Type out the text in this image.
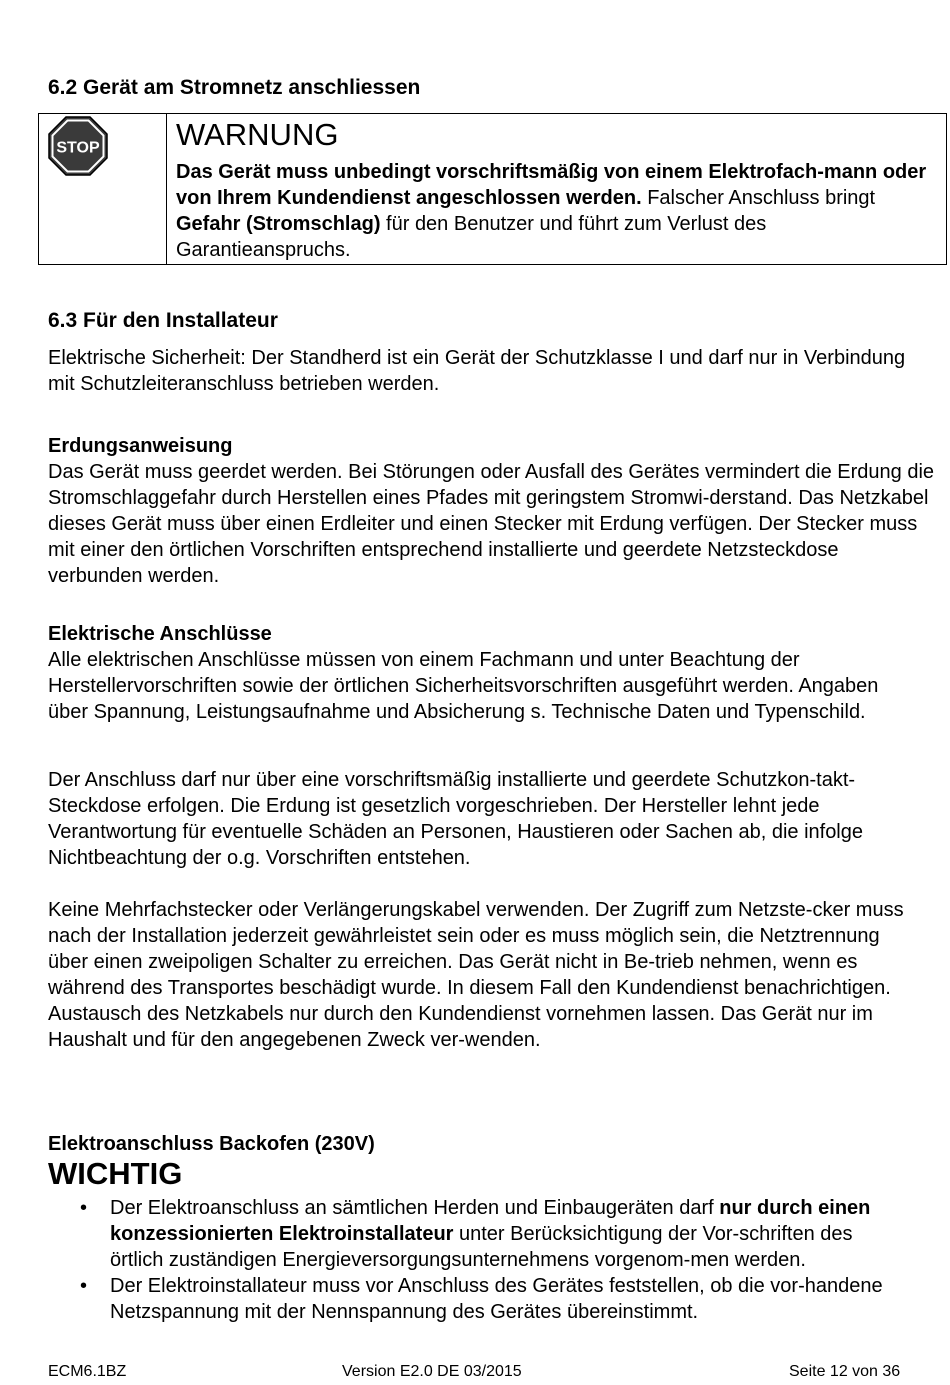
6.2 Gerät am Stromnetz anschliessen
STOP WARNUNG

Das Gerät muss unbedingt vorschriftsmäßig von einem Elektrofach-mann oder von Ihrem Kundendienst angeschlossen werden. Falscher Anschluss bringt Gefahr (Stromschlag) für den Benutzer und führt zum Verlust des Garantieanspruchs.

6.3 Für den Installateur

Elektrische Sicherheit: Der Standherd ist ein Gerät der Schutzklasse I und darf nur in Verbindung mit Schutzleiteranschluss betrieben werden.

Erdungsanweisung

Das Gerät muss geerdet werden. Bei Störungen oder Ausfall des Gerätes vermindert die Erdung die Stromschlaggefahr durch Herstellen eines Pfades mit geringstem Stromwi-derstand. Das Netzkabel dieses Gerät muss über einen Erdleiter und einen Stecker mit Erdung verfügen. Der Stecker muss mit einer den örtlichen Vorschriften entsprechend installierte und geerdete Netzsteckdose verbunden werden.

Elektrische Anschlüsse

Alle elektrischen Anschlüsse müssen von einem Fachmann und unter Beachtung der Herstellervorschriften sowie der örtlichen Sicherheitsvorschriften ausgeführt werden. Angaben über Spannung, Leistungsaufnahme und Absicherung s. Technische Daten und Typenschild.

Der Anschluss darf nur über eine vorschriftsmäßig installierte und geerdete Schutzkon-takt-Steckdose erfolgen. Die Erdung ist gesetzlich vorgeschrieben. Der Hersteller lehnt jede Verantwortung für eventuelle Schäden an Personen, Haustieren oder Sachen ab, die infolge Nichtbeachtung der o.g. Vorschriften entstehen.

Keine Mehrfachstecker oder Verlängerungskabel verwenden. Der Zugriff zum Netzste-cker muss nach der Installation jederzeit gewährleistet sein oder es muss möglich sein, die Netztrennung über einen zweipoligen Schalter zu erreichen. Das Gerät nicht in Be-trieb nehmen, wenn es während des Transportes beschädigt wurde. In diesem Fall den Kundendienst benachrichtigen. Austausch des Netzkabels nur durch den Kundendienst vornehmen lassen. Das Gerät nur im Haushalt und für den angegebenen Zweck ver-wenden.

Elektroanschluss Backofen (230V)

WICHTIG
• Der Elektroanschluss an sämtlichen Herden und Einbaugeräten darf nur durch einen konzessionierten Elektroinstallateur unter Berücksichtigung der Vor-schriften des örtlich zuständigen Energieversorgungsunternehmens vorgenom-men werden.
• Der Elektroinstallateur muss vor Anschluss des Gerätes feststellen, ob die vor-handene Netzspannung mit der Nennspannung des Gerätes übereinstimmt.
ECM6.1BZ	Version E2.0 DE 03/2015	Seite 12 von 36
